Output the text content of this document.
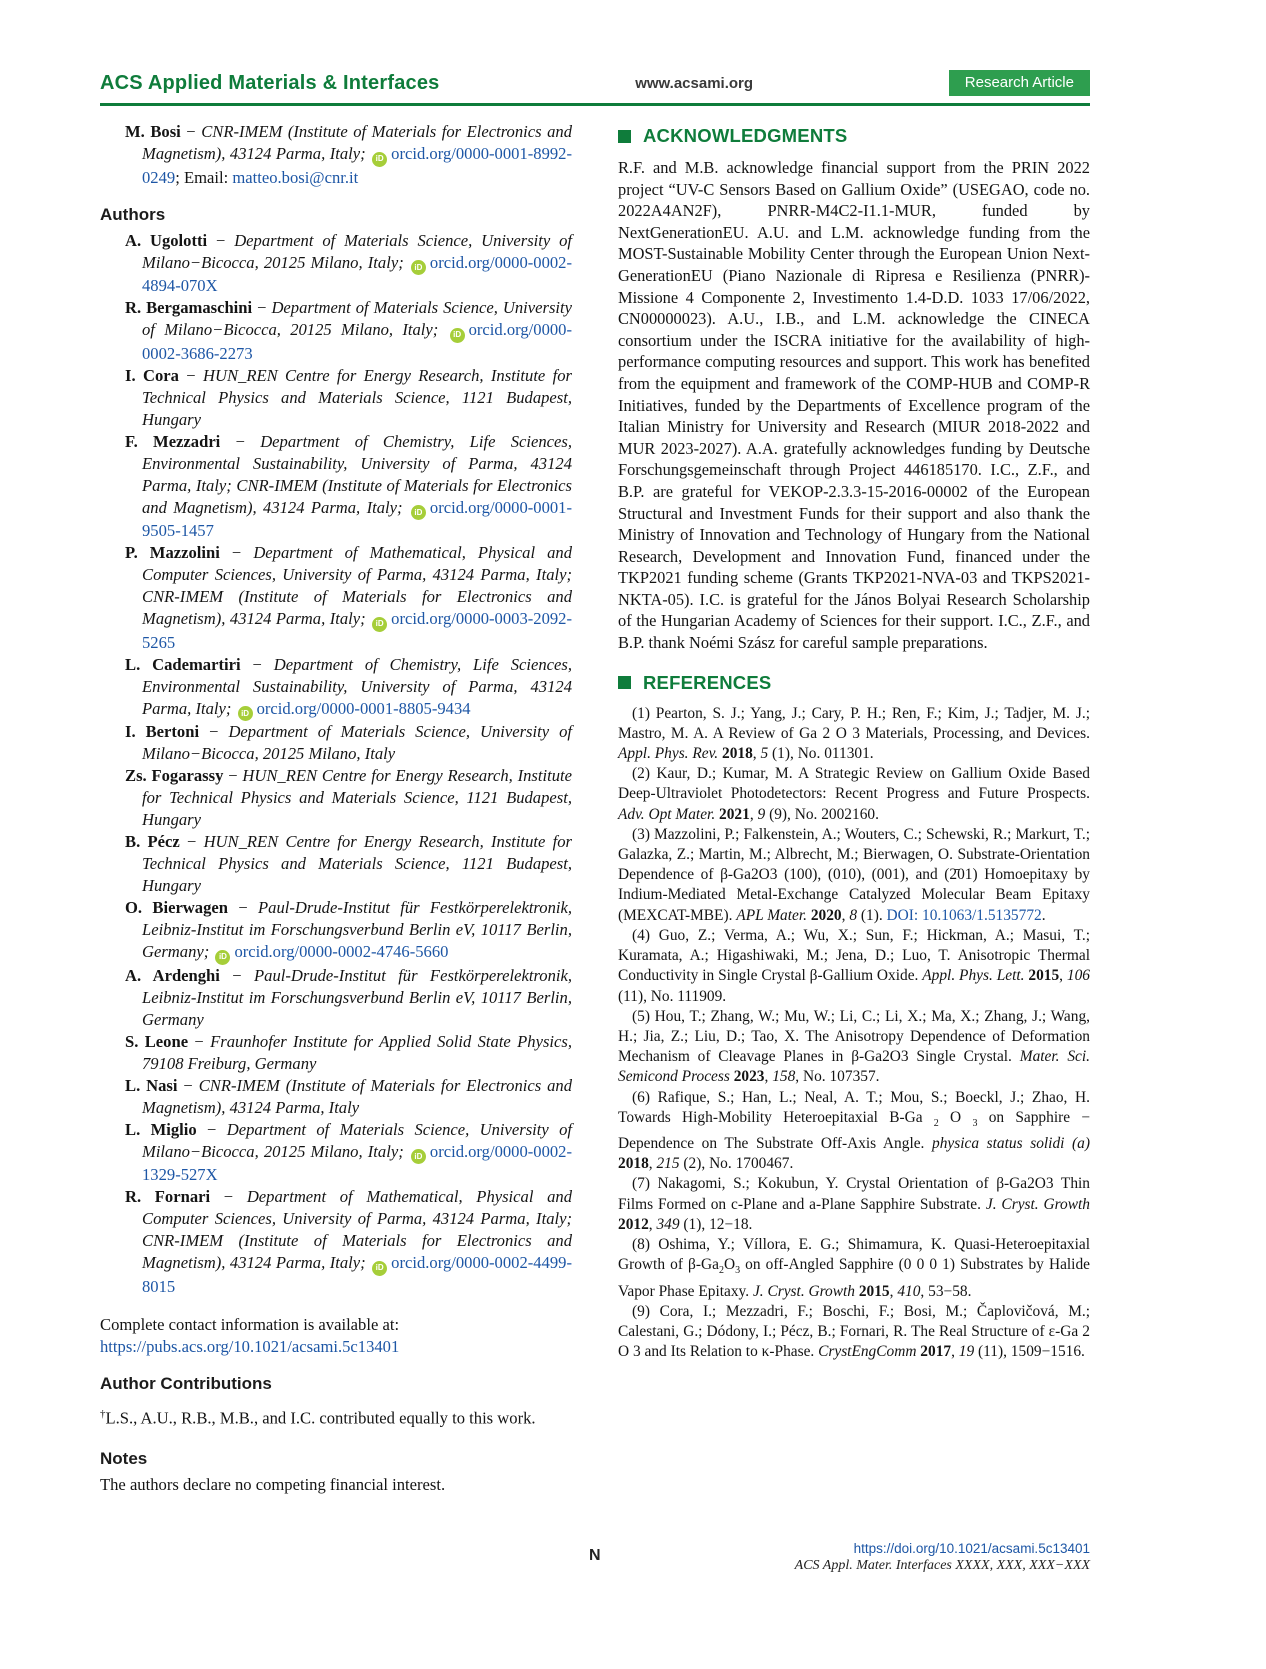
ACS Applied Materials & Interfaces	www.acsami.org	Research Article
M. Bosi − CNR-IMEM (Institute of Materials for Electronics and Magnetism), 43124 Parma, Italy; iD orcid.org/0000-0001-8992-0249; Email: matteo.bosi@cnr.it
Authors
A. Ugolotti − Department of Materials Science, University of Milano−Bicocca, 20125 Milano, Italy; iD orcid.org/0000-0002-4894-070X
R. Bergamaschini − Department of Materials Science, University of Milano−Bicocca, 20125 Milano, Italy; iD orcid.org/0000-0002-3686-2273
I. Cora − HUN_REN Centre for Energy Research, Institute for Technical Physics and Materials Science, 1121 Budapest, Hungary
F. Mezzadri − Department of Chemistry, Life Sciences, Environmental Sustainability, University of Parma, 43124 Parma, Italy; CNR-IMEM (Institute of Materials for Electronics and Magnetism), 43124 Parma, Italy; iD orcid.org/0000-0001-9505-1457
P. Mazzolini − Department of Mathematical, Physical and Computer Sciences, University of Parma, 43124 Parma, Italy; CNR-IMEM (Institute of Materials for Electronics and Magnetism), 43124 Parma, Italy; iD orcid.org/0000-0003-2092-5265
L. Cademartiri − Department of Chemistry, Life Sciences, Environmental Sustainability, University of Parma, 43124 Parma, Italy; iD orcid.org/0000-0001-8805-9434
I. Bertoni − Department of Materials Science, University of Milano−Bicocca, 20125 Milano, Italy
Zs. Fogarassy − HUN_REN Centre for Energy Research, Institute for Technical Physics and Materials Science, 1121 Budapest, Hungary
B. Pécz − HUN_REN Centre for Energy Research, Institute for Technical Physics and Materials Science, 1121 Budapest, Hungary
O. Bierwagen − Paul-Drude-Institut für Festkörperelektronik, Leibniz-Institut im Forschungsverbund Berlin eV, 10117 Berlin, Germany; iD orcid.org/0000-0002-4746-5660
A. Ardenghi − Paul-Drude-Institut für Festkörperelektronik, Leibniz-Institut im Forschungsverbund Berlin eV, 10117 Berlin, Germany
S. Leone − Fraunhofer Institute for Applied Solid State Physics, 79108 Freiburg, Germany
L. Nasi − CNR-IMEM (Institute of Materials for Electronics and Magnetism), 43124 Parma, Italy
L. Miglio − Department of Materials Science, University of Milano−Bicocca, 20125 Milano, Italy; iD orcid.org/0000-0002-1329-527X
R. Fornari − Department of Mathematical, Physical and Computer Sciences, University of Parma, 43124 Parma, Italy; CNR-IMEM (Institute of Materials for Electronics and Magnetism), 43124 Parma, Italy; iD orcid.org/0000-0002-4499-8015

Complete contact information is available at:
https://pubs.acs.org/10.1021/acsami.5c13401

Author Contributions

†L.S., A.U., R.B., M.B., and I.C. contributed equally to this work.

Notes

The authors declare no competing financial interest.

ACKNOWLEDGMENTS

R.F. and M.B. acknowledge financial support from the PRIN 2022 project “UV-C Sensors Based on Gallium Oxide” (USEGAO, code no. 2022A4AN2F), PNRR-M4C2-I1.1-MUR, funded by NextGenerationEU. A.U. and L.M. acknowledge funding from the MOST-Sustainable Mobility Center through the European Union Next-GenerationEU (Piano Nazionale di Ripresa e Resilienza (PNRR)-Missione 4 Componente 2, Investimento 1.4-D.D. 1033 17/06/2022, CN00000023). A.U., I.B., and L.M. acknowledge the CINECA consortium under the ISCRA initiative for the availability of high-performance computing resources and support. This work has benefited from the equipment and framework of the COMP-HUB and COMP-R Initiatives, funded by the Departments of Excellence program of the Italian Ministry for University and Research (MIUR 2018-2022 and MUR 2023-2027). A.A. gratefully acknowledges funding by Deutsche Forschungsgemeinschaft through Project 446185170. I.C., Z.F., and B.P. are grateful for VEKOP-2.3.3-15-2016-00002 of the European Structural and Investment Funds for their support and also thank the Ministry of Innovation and Technology of Hungary from the National Research, Development and Innovation Fund, financed under the TKP2021 funding scheme (Grants TKP2021-NVA-03 and TKPS2021-NKTA-05). I.C. is grateful for the János Bolyai Research Scholarship of the Hungarian Academy of Sciences for their support. I.C., Z.F., and B.P. thank Noémi Szász for careful sample preparations.

REFERENCES

(1) Pearton, S. J.; Yang, J.; Cary, P. H.; Ren, F.; Kim, J.; Tadjer, M. J.; Mastro, M. A. A Review of Ga 2 O 3 Materials, Processing, and Devices. Appl. Phys. Rev. 2018, 5 (1), No. 011301.

(2) Kaur, D.; Kumar, M. A Strategic Review on Gallium Oxide Based Deep-Ultraviolet Photodetectors: Recent Progress and Future Prospects. Adv. Opt Mater. 2021, 9 (9), No. 2002160.

(3) Mazzolini, P.; Falkenstein, A.; Wouters, C.; Schewski, R.; Markurt, T.; Galazka, Z.; Martin, M.; Albrecht, M.; Bierwagen, O. Substrate-Orientation Dependence of β-Ga2O3 (100), (010), (001), and (2̄01) Homoepitaxy by Indium-Mediated Metal-Exchange Catalyzed Molecular Beam Epitaxy (MEXCAT-MBE). APL Mater. 2020, 8 (1). DOI: 10.1063/1.5135772.

(4) Guo, Z.; Verma, A.; Wu, X.; Sun, F.; Hickman, A.; Masui, T.; Kuramata, A.; Higashiwaki, M.; Jena, D.; Luo, T. Anisotropic Thermal Conductivity in Single Crystal β-Gallium Oxide. Appl. Phys. Lett. 2015, 106 (11), No. 111909.

(5) Hou, T.; Zhang, W.; Mu, W.; Li, C.; Li, X.; Ma, X.; Zhang, J.; Wang, H.; Jia, Z.; Liu, D.; Tao, X. The Anisotropy Dependence of Deformation Mechanism of Cleavage Planes in β-Ga2O3 Single Crystal. Mater. Sci. Semicond Process 2023, 158, No. 107357.

(6) Rafique, S.; Han, L.; Neal, A. T.; Mou, S.; Boeckl, J.; Zhao, H. Towards High-Mobility Heteroepitaxial B-Ga $_2$ O $_3$ on Sapphire − Dependence on The Substrate Off-Axis Angle. physica status solidi (a) 2018, 215 (2), No. 1700467.

(7) Nakagomi, S.; Kokubun, Y. Crystal Orientation of β-Ga2O3 Thin Films Formed on c-Plane and a-Plane Sapphire Substrate. J. Cryst. Growth 2012, 349 (1), 12−18.

(8) Oshima, Y.; Víllora, E. G.; Shimamura, K. Quasi-Heteroepitaxial Growth of $\beta-Ga_2O_3$ on off-Angled Sapphire (0 0 0 1) Substrates by Halide Vapor Phase Epitaxy. J. Cryst. Growth 2015, 410, 53−58.

(9) Cora, I.; Mezzadri, F.; Boschi, F.; Bosi, M.; Čaplovičová, M.; Calestani, G.; Dódony, I.; Pécz, B.; Fornari, R. The Real Structure of ε-Ga 2 O 3 and Its Relation to κ-Phase. CrystEngComm 2017, 19 (11), 1509−1516.

N	https://doi.org/10.1021/acsami.5c13401
ACS Appl. Mater. Interfaces XXXX, XXX, XXX−XXX
